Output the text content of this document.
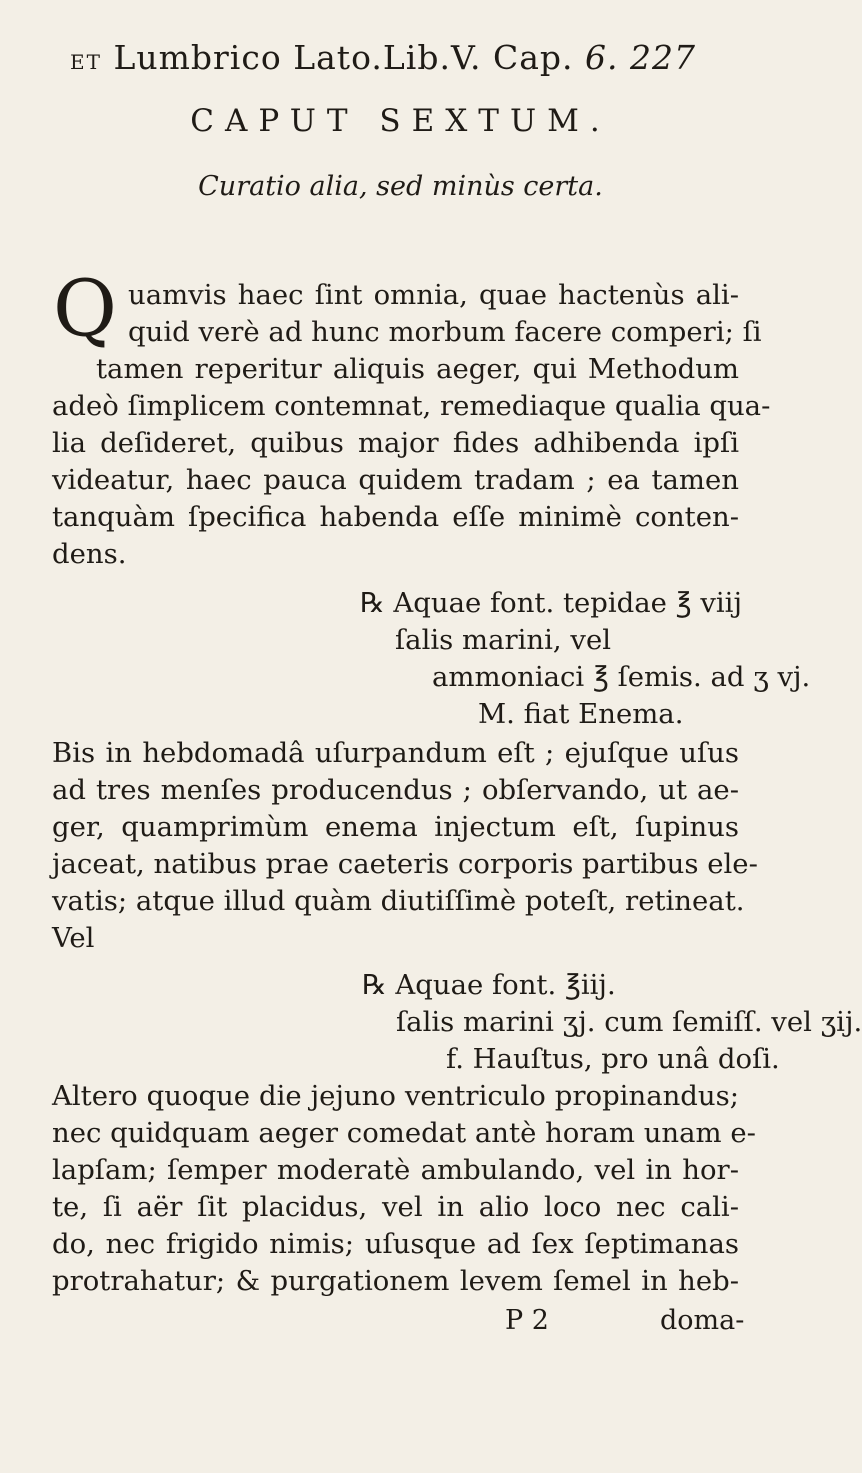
ET Lumbrico Lato.Lib.V. Cap. 6. 227
CAPUT SEXTUM.
Curatio alia, sed minùs certa.
Q uamvis haec ſint omnia, quae hactenùs ali-
quid verè ad hunc morbum facere comperi; ſi
tamen reperitur aliquis aeger, qui Methodum
adeò ſimplicem contemnat, remediaque qualia qua-
lia deſideret, quibus major fides adhibenda ipſi
videatur, haec pauca quidem tradam ; ea tamen
tanquàm ſpecifica habenda eſſe minimè conten-
dens.
℞ Aquae font. tepidae ℥ viij
ſalis marini, vel
ammoniaci ℥ ſemis. ad ʒ vj.
M. fiat Enema.
Bis in hebdomadâ uſurpandum eſt ; ejuſque uſus
ad tres menſes producendus ; obſervando, ut ae-
ger, quamprimùm enema injectum eſt, ſupinus
jaceat, natibus prae caeteris corporis partibus ele-
vatis; atque illud quàm diutiſſimè poteſt, retineat.
Vel
℞ Aquae font. ℥iij.
ſalis marini ʒj. cum ſemiſſ. vel ʒij.
f. Hauſtus, pro unâ doſi.
Altero quoque die jejuno ventriculo propinandus;
nec quidquam aeger comedat antè horam unam e-
lapſam; ſemper moderatè ambulando, vel in hor-
te, ſi aër ſit placidus, vel in alio loco nec cali-
do, nec frigido nimis; uſusque ad ſex ſeptimanas
protrahatur; & purgationem levem ſemel in heb-
P 2	doma-
